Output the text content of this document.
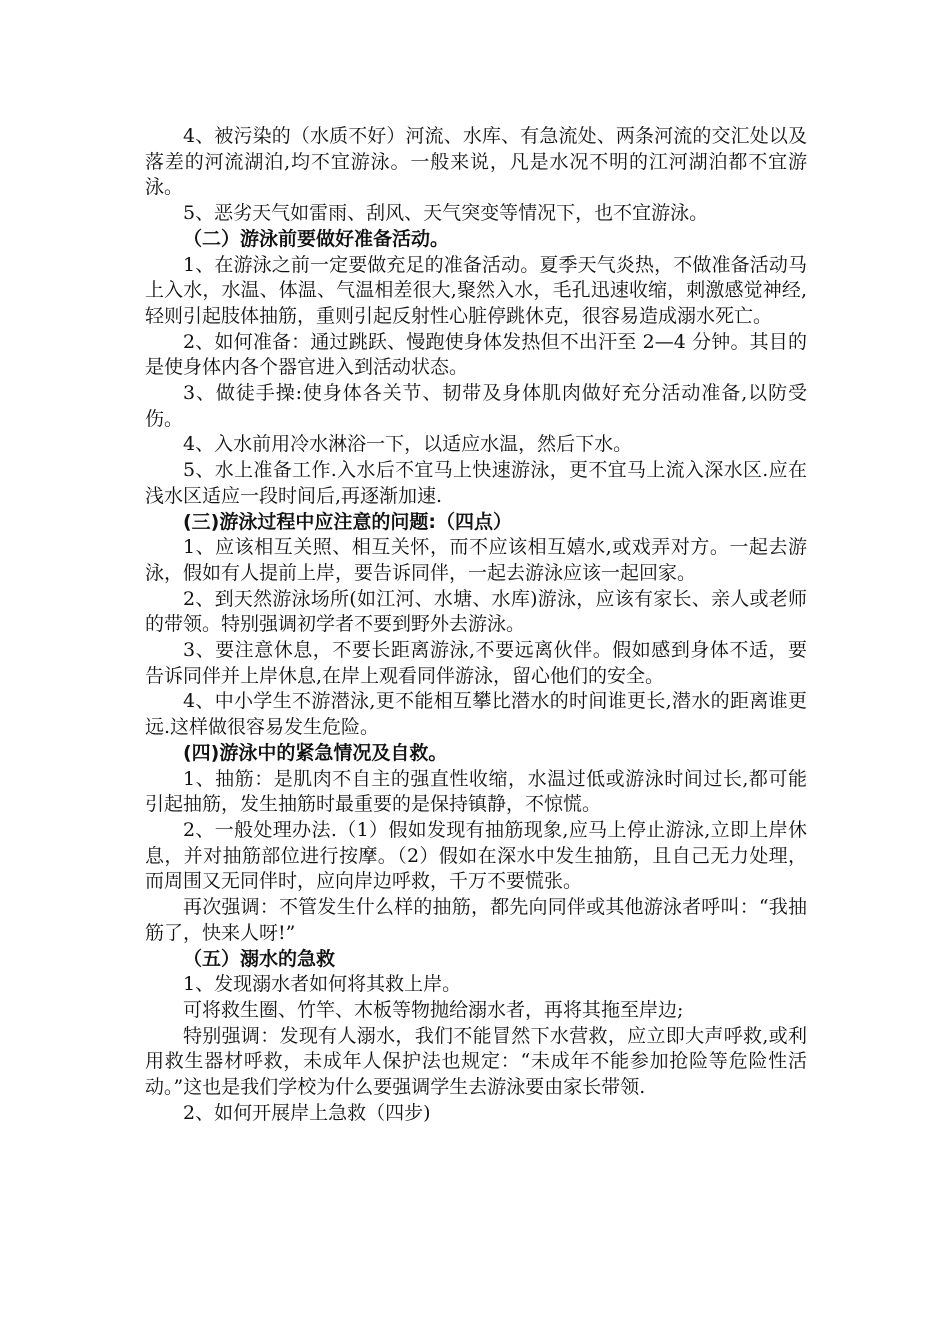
4、被污染的（水质不好）河流、水库、有急流处、两条河流的交汇处以及落差的河流湖泊,均不宜游泳。一般来说，凡是水况不明的江河湖泊都不宜游泳。

5、恶劣天气如雷雨、刮风、天气突变等情况下，也不宜游泳。

（二）游泳前要做好准备活动。

1、在游泳之前一定要做充足的准备活动。夏季天气炎热，不做准备活动马上入水，水温、体温、气温相差很大,聚然入水，毛孔迅速收缩，刺激感觉神经,轻则引起肢体抽筋，重则引起反射性心脏停跳休克，很容易造成溺水死亡。

2、如何准备：通过跳跃、慢跑使身体发热但不出汗至 2—4 分钟。其目的是使身体内各个器官进入到活动状态。

3、做徒手操:使身体各关节、韧带及身体肌肉做好充分活动准备,以防受伤。

4、入水前用冷水淋浴一下，以适应水温，然后下水。

5、水上准备工作.入水后不宜马上快速游泳，更不宜马上流入深水区.应在浅水区适应一段时间后,再逐渐加速.

(三)游泳过程中应注意的问题:（四点）

1、应该相互关照、相互关怀，而不应该相互嬉水,或戏弄对方。一起去游泳，假如有人提前上岸，要告诉同伴，一起去游泳应该一起回家。

2、到天然游泳场所(如江河、水塘、水库)游泳，应该有家长、亲人或老师的带领。特别强调初学者不要到野外去游泳。

3、要注意休息，不要长距离游泳,不要远离伙伴。假如感到身体不适，要告诉同伴并上岸休息,在岸上观看同伴游泳，留心他们的安全。

4、中小学生不游潜泳,更不能相互攀比潜水的时间谁更长,潜水的距离谁更远.这样做很容易发生危险。

(四)游泳中的紧急情况及自救。

1、抽筋：是肌肉不自主的强直性收缩，水温过低或游泳时间过长,都可能引起抽筋，发生抽筋时最重要的是保持镇静，不惊慌。

2、一般处理办法.（1）假如发现有抽筋现象,应马上停止游泳,立即上岸休息，并对抽筋部位进行按摩。（2）假如在深水中发生抽筋，且自己无力处理，而周围又无同伴时，应向岸边呼救，千万不要慌张。

再次强调：不管发生什么样的抽筋，都先向同伴或其他游泳者呼叫：“我抽筋了，快来人呀!”

（五）溺水的急救

1、发现溺水者如何将其救上岸。

可将救生圈、竹竿、木板等物抛给溺水者，再将其拖至岸边;

特别强调：发现有人溺水，我们不能冒然下水营救，应立即大声呼救,或利用救生器材呼救，未成年人保护法也规定：“未成年不能参加抢险等危险性活动。”这也是我们学校为什么要强调学生去游泳要由家长带领.

2、如何开展岸上急救（四步)
